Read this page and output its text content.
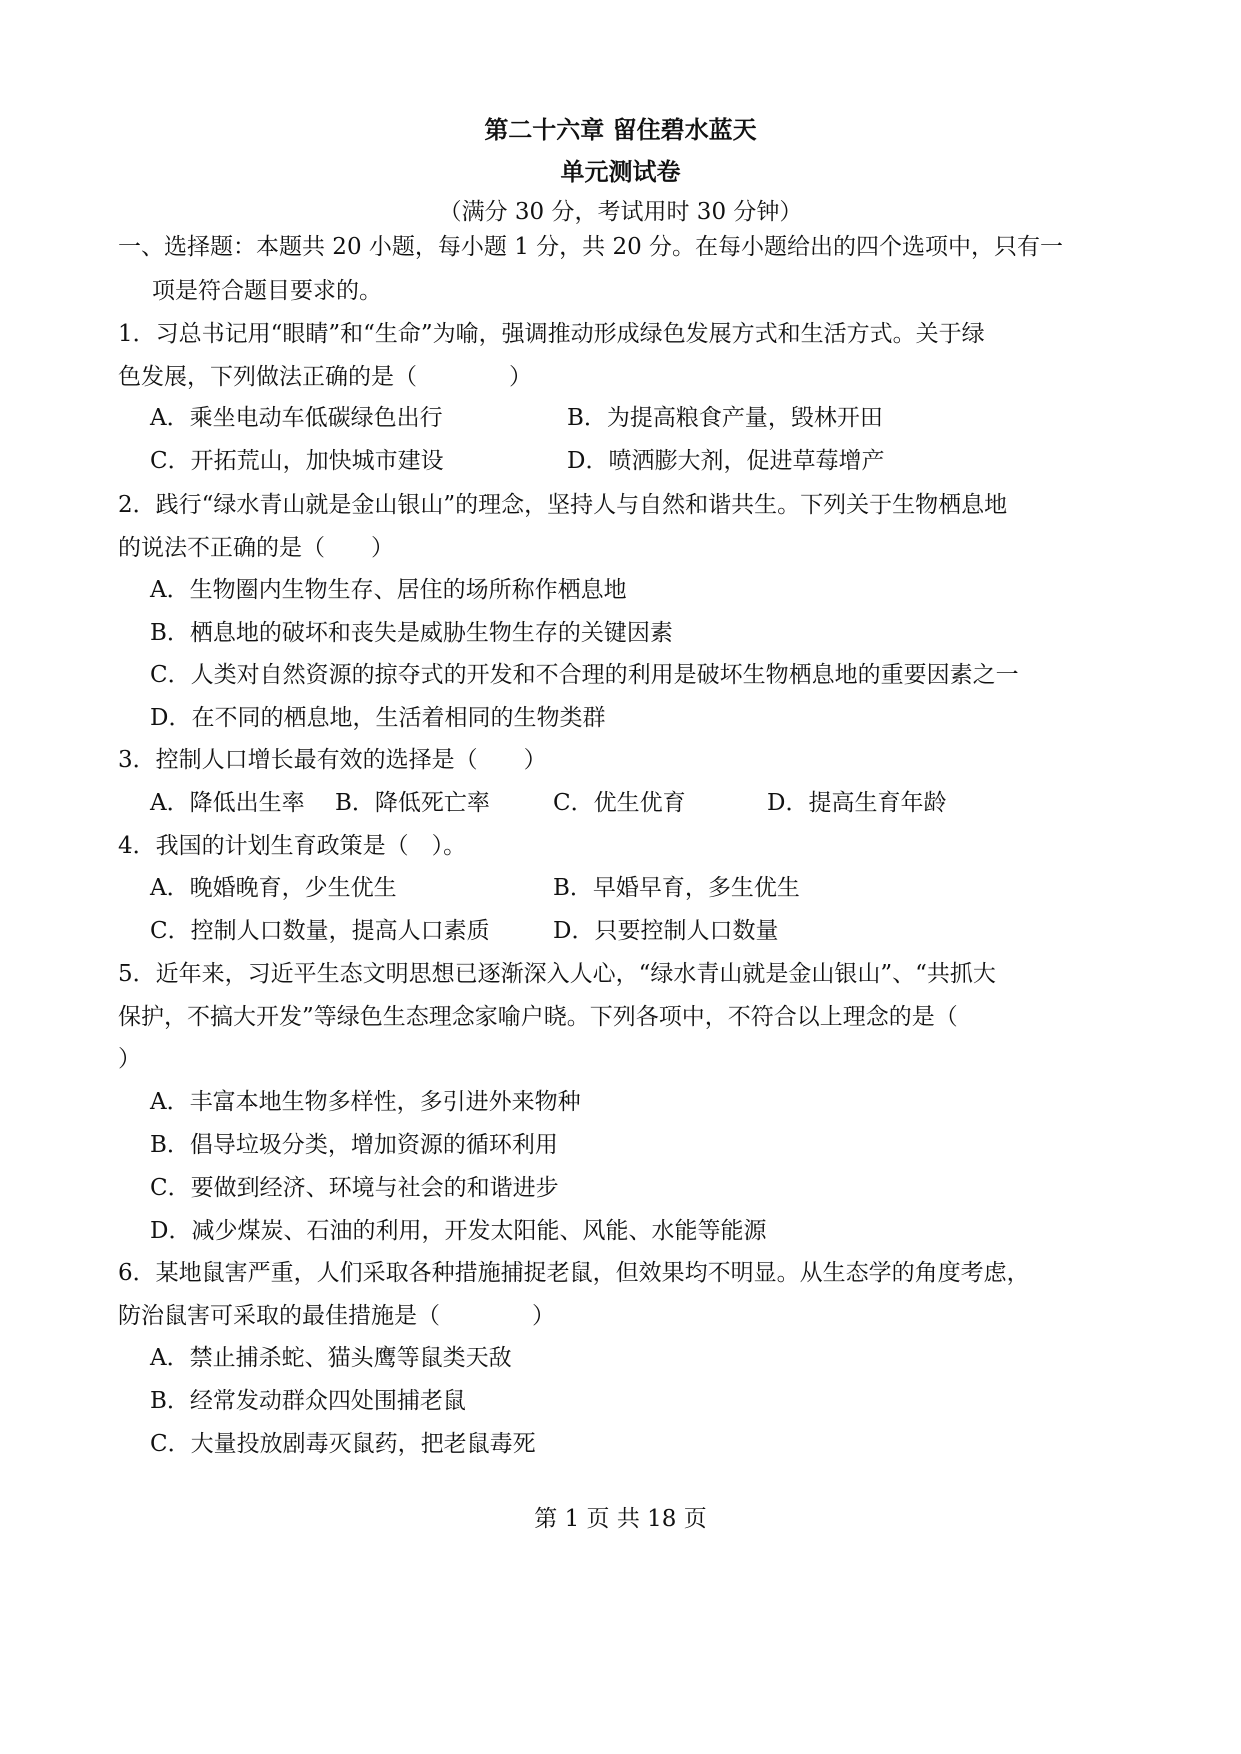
第二十六章 留住碧水蓝天
单元测试卷
（满分 30 分，考试用时 30 分钟）
一、选择题：本题共 20 小题，每小题 1 分，共 20 分。在每小题给出的四个选项中，只有一
项是符合题目要求的。
1．习总书记用“眼睛”和“生命”为喻，强调推动形成绿色发展方式和生活方式。关于绿
色发展，下列做法正确的是（　　　　）
A．乘坐电动车低碳绿色出行	B．为提高粮食产量，毁林开田
C．开拓荒山，加快城市建设	D．喷洒膨大剂，促进草莓增产
2．践行“绿水青山就是金山银山”的理念，坚持人与自然和谐共生。下列关于生物栖息地
的说法不正确的是（　　）
A．生物圈内生物生存、居住的场所称作栖息地
B．栖息地的破坏和丧失是威胁生物生存的关键因素
C．人类对自然资源的掠夺式的开发和不合理的利用是破坏生物栖息地的重要因素之一
D．在不同的栖息地，生活着相同的生物类群
3．控制人口增长最有效的选择是（　　）
A．降低出生率 B．降低死亡率	C．优生优育	D．提高生育年龄
4．我国的计划生育政策是（　）。
A．晚婚晚育，少生优生	B．早婚早育，多生优生
C．控制人口数量，提高人口素质	D．只要控制人口数量
5．近年来，习近平生态文明思想已逐渐深入人心，“绿水青山就是金山银山”、“共抓大
保护，不搞大开发”等绿色生态理念家喻户晓。下列各项中，不符合以上理念的是（
）
A．丰富本地生物多样性，多引进外来物种
B．倡导垃圾分类，增加资源的循环利用
C．要做到经济、环境与社会的和谐进步
D．减少煤炭、石油的利用，开发太阳能、风能、水能等能源
6．某地鼠害严重，人们采取各种措施捕捉老鼠，但效果均不明显。从生态学的角度考虑，
防治鼠害可采取的最佳措施是（　　　　）
A．禁止捕杀蛇、猫头鹰等鼠类天敌
B．经常发动群众四处围捕老鼠
C．大量投放剧毒灭鼠药，把老鼠毒死
第 1 页 共 18 页
